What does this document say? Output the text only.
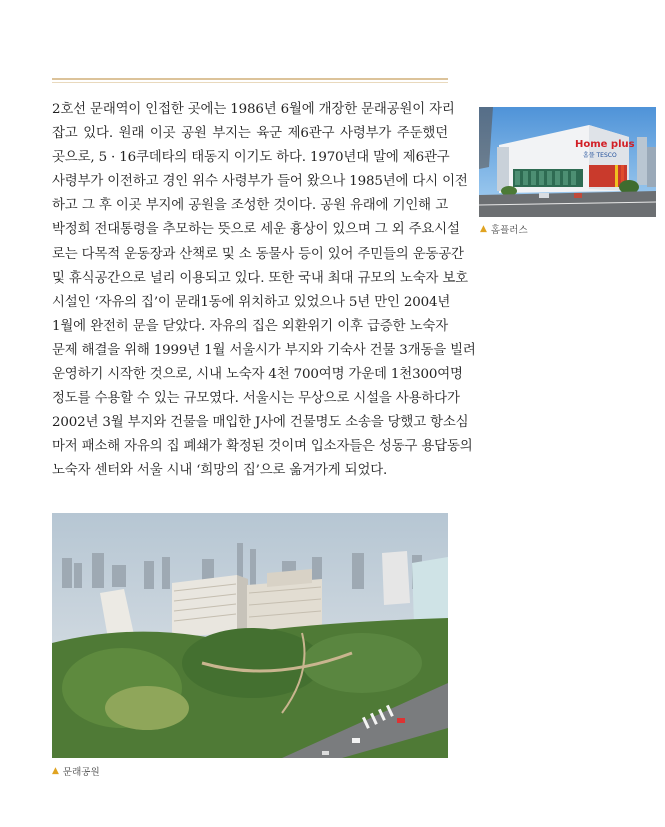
2호선 문래역이 인접한 곳에는 1986년 6월에 개장한 문래공원이 자리
잡고 있다. 원래 이곳 공원 부지는 육군 제6관구 사령부가 주둔했던
곳으로, 5 · 16쿠데타의 태동지 이기도 하다. 1970년대 말에 제6관구
사령부가 이전하고 경인 위수 사령부가 들어 왔으나 1985년에 다시 이전
하고 그 후 이곳 부지에 공원을 조성한 것이다. 공원 유래에 기인해 고
박정희 전대통령을 추모하는 뜻으로 세운 흉상이 있으며 그 외 주요시설
로는 다목적 운동장과 산책로 및 소 동물사 등이 있어 주민들의 운동공간
및 휴식공간으로 널리 이용되고 있다. 또한 국내 최대 규모의 노숙자 보호
시설인 ‘자유의 집’이 문래1동에 위치하고 있었으나 5년 만인 2004년
1월에 완전히 문을 닫았다. 자유의 집은 외환위기 이후 급증한 노숙자
문제 해결을 위해 1999년 1월 서울시가 부지와 기숙사 건물 3개동을 빌려
운영하기 시작한 것으로, 시내 노숙자 4천 700여명 가운데 1천300여명
정도를 수용할 수 있는 규모였다. 서울시는 무상으로 시설을 사용하다가
2002년 3월 부지와 건물을 매입한 J사에 건물명도 소송을 당했고 항소심
마저 패소해 자유의 집 폐쇄가 확정된 것이며 입소자들은 성동구 용답동의
노숙자 센터와 서울 시내 ‘희망의 집’으로 옮겨가게 되었다.
Home plus
홈플 TESCO
▲ 홈플러스
▲ 문래공원
